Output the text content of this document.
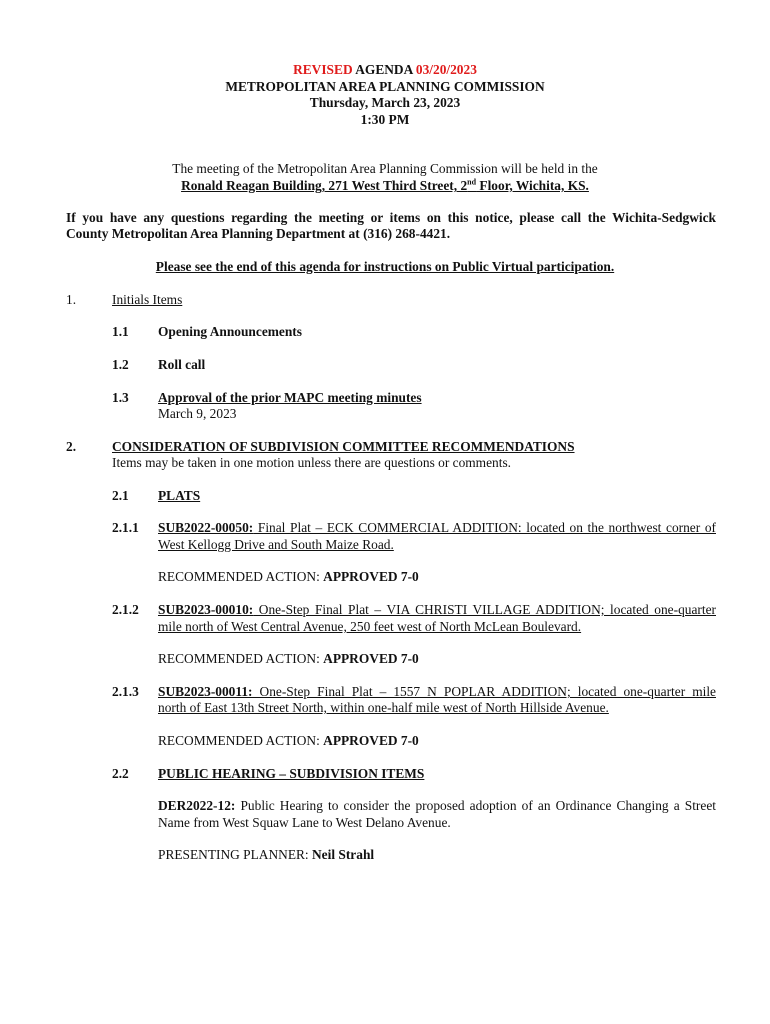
REVISED AGENDA 03/20/2023
METROPOLITAN AREA PLANNING COMMISSION
Thursday, March 23, 2023
1:30 PM
The meeting of the Metropolitan Area Planning Commission will be held in the
Ronald Reagan Building, 271 West Third Street, 2nd Floor, Wichita, KS.
If you have any questions regarding the meeting or items on this notice, please call the Wichita-Sedgwick
County Metropolitan Area Planning Department at (316) 268-4421.
Please see the end of this agenda for instructions on Public Virtual participation.
1.	Initials Items
1.1 Opening Announcements
1.2 Roll call
1.3 Approval of the prior MAPC meeting minutes
March 9, 2023
2.	CONSIDERATION OF SUBDIVISION COMMITTEE RECOMMENDATIONS
Items may be taken in one motion unless there are questions or comments.
2.1 PLATS
2.1.1 SUB2022-00050: Final Plat – ECK COMMERCIAL ADDITION: located on the northwest corner of
West Kellogg Drive and South Maize Road.
RECOMMENDED ACTION: APPROVED 7-0
2.1.2 SUB2023-00010: One-Step Final Plat – VIA CHRISTI VILLAGE ADDITION; located one-quarter
mile north of West Central Avenue, 250 feet west of North McLean Boulevard.
RECOMMENDED ACTION: APPROVED 7-0
2.1.3 SUB2023-00011: One-Step Final Plat – 1557 N POPLAR ADDITION; located one-quarter mile
north of East 13th Street North, within one-half mile west of North Hillside Avenue.
RECOMMENDED ACTION: APPROVED 7-0
2.2 PUBLIC HEARING – SUBDIVISION ITEMS
DER2022-12: Public Hearing to consider the proposed adoption of an Ordinance Changing a Street
Name from West Squaw Lane to West Delano Avenue.
PRESENTING PLANNER: Neil Strahl
